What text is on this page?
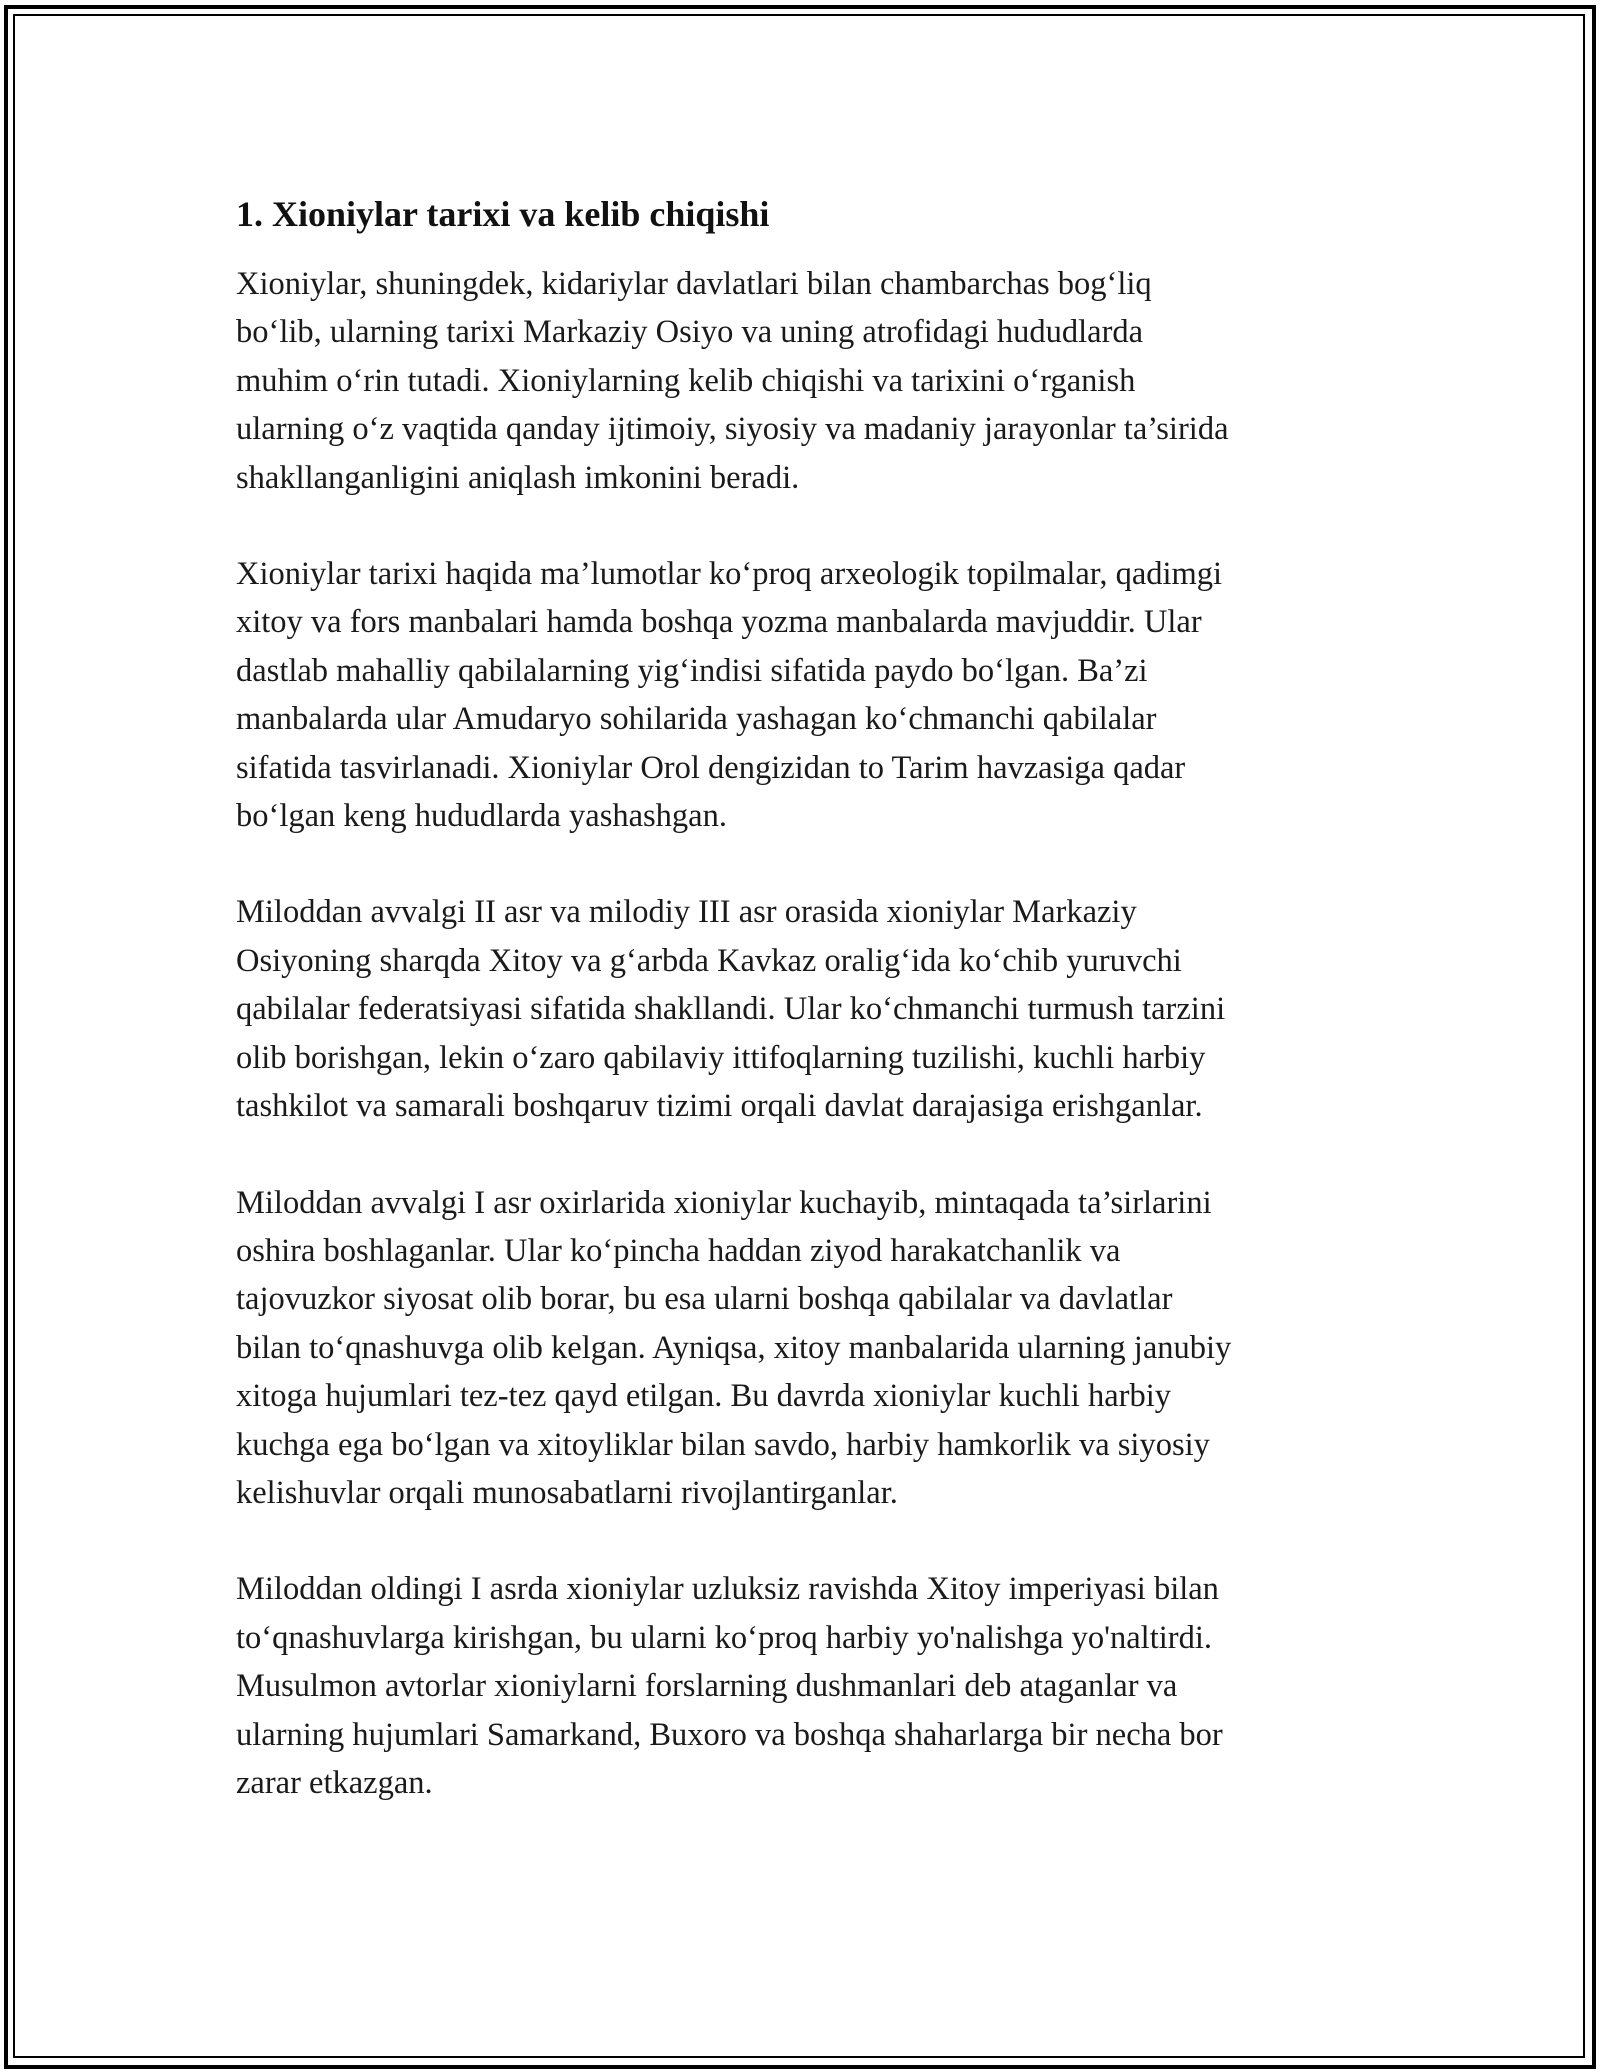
1. Xioniylar tarixi va kelib chiqishi

Xioniylar, shuningdek, kidariylar davlatlari bilan chambarchas bog‘liq
bo‘lib, ularning tarixi Markaziy Osiyo va uning atrofidagi hududlarda
muhim o‘rin tutadi. Xioniylarning kelib chiqishi va tarixini o‘rganish
ularning o‘z vaqtida qanday ijtimoiy, siyosiy va madaniy jarayonlar ta’sirida
shakllanganligini aniqlash imkonini beradi.

Xioniylar tarixi haqida ma’lumotlar ko‘proq arxeologik topilmalar, qadimgi
xitoy va fors manbalari hamda boshqa yozma manbalarda mavjuddir. Ular
dastlab mahalliy qabilalarning yig‘indisi sifatida paydo bo‘lgan. Ba’zi
manbalarda ular Amudaryo sohilarida yashagan ko‘chmanchi qabilalar
sifatida tasvirlanadi. Xioniylar Orol dengizidan to Tarim havzasiga qadar
bo‘lgan keng hududlarda yashashgan.

Miloddan avvalgi II asr va milodiy III asr orasida xioniylar Markaziy
Osiyoning sharqda Xitoy va g‘arbda Kavkaz oralig‘ida ko‘chib yuruvchi
qabilalar federatsiyasi sifatida shakllandi. Ular ko‘chmanchi turmush tarzini
olib borishgan, lekin o‘zaro qabilaviy ittifoqlarning tuzilishi, kuchli harbiy
tashkilot va samarali boshqaruv tizimi orqali davlat darajasiga erishganlar.

Miloddan avvalgi I asr oxirlarida xioniylar kuchayib, mintaqada ta’sirlarini
oshira boshlaganlar. Ular ko‘pincha haddan ziyod harakatchanlik va
tajovuzkor siyosat olib borar, bu esa ularni boshqa qabilalar va davlatlar
bilan to‘qnashuvga olib kelgan. Ayniqsa, xitoy manbalarida ularning janubiy
xitoga hujumlari tez-tez qayd etilgan. Bu davrda xioniylar kuchli harbiy
kuchga ega bo‘lgan va xitoyliklar bilan savdo, harbiy hamkorlik va siyosiy
kelishuvlar orqali munosabatlarni rivojlantirganlar.

Miloddan oldingi I asrda xioniylar uzluksiz ravishda Xitoy imperiyasi bilan
to‘qnashuvlarga kirishgan, bu ularni ko‘proq harbiy yo'nalishga yo'naltirdi.
Musulmon avtorlar xioniylarni forslarning dushmanlari deb ataganlar va
ularning hujumlari Samarkand, Buxoro va boshqa shaharlarga bir necha bor
zarar etkazgan.
